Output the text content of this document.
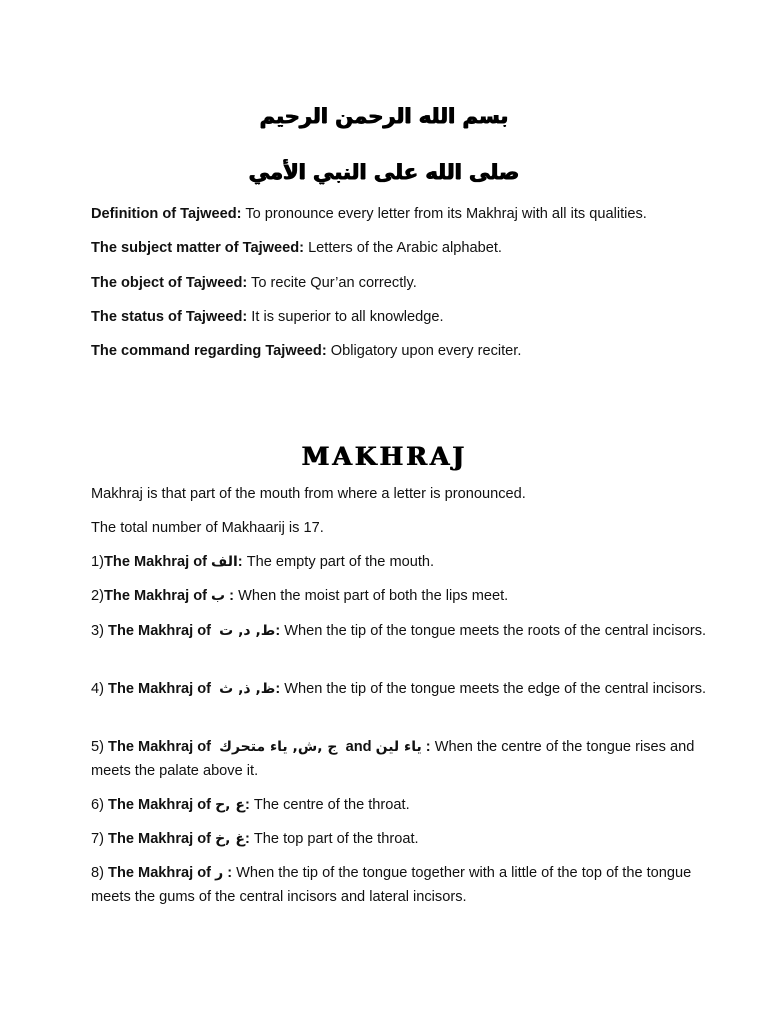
بسم الله الرحمن الرحيم
صلى الله على النبي الأمي
Definition of Tajweed: To pronounce every letter from its Makhraj with all its qualities.
The subject matter of Tajweed: Letters of the Arabic alphabet.
The object of Tajweed: To recite Qur’an correctly.
The status of Tajweed: It is superior to all knowledge.
The command regarding Tajweed: Obligatory upon every reciter.
MAKHRAJ
Makhraj is that part of the mouth from where a letter is pronounced.
The total number of Makhaarij is 17.
1)The Makhraj of الف: The empty part of the mouth.
2)The Makhraj of ب : When the moist part of both the lips meet.
3) The Makhraj of ط, د, ت: When the tip of the tongue meets the roots of the central incisors.
4) The Makhraj of ظ, ذ, ث: When the tip of the tongue meets the edge of the central incisors.
5) The Makhraj of ج ,ش, ياء متحرك and ياء لين : When the centre of the tongue rises and meets the palate above it.
6) The Makhraj of ع ,ح: The centre of the throat.
7) The Makhraj of غ ,خ: The top part of the throat.
8) The Makhraj of ر : When the tip of the tongue together with a little of the top of the tongue meets the gums of the central incisors and lateral incisors.
